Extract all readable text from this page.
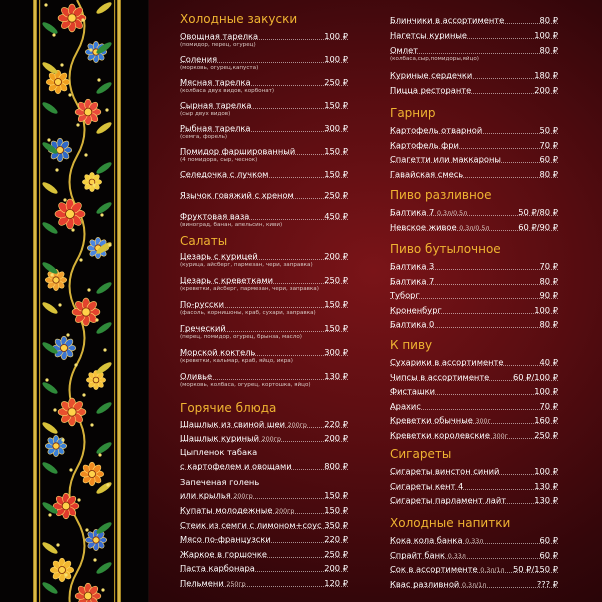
Холодные закуски
Овощная тарелка	100 ₽
(помидор, перец, огурец)
Соления	100 ₽
(морковь, огурец,капуста)
Мясная тарелка	250 ₽
(колбаса двух видов, корбонат)
Сырная тарелка	150 ₽
(сыр двух видов)
Рыбная тарелка	300 ₽
(семга, форель)
Помидор фаршированный	150 ₽
(4 помидора, сыр, чеснок)
Селедочка с лучком	150 ₽
Язычок говяжий с хреном	250 ₽
Фруктовая ваза	450 ₽
(виноград, банан, апельсин, киви)
Салаты
Цезарь с курицей	200 ₽
(курица, айсберг, пармезан, чери, заправка)
Цезарь с креветками	250 ₽
(креветки, айсберг, пармезан, чери, заправка)
По-русски	150 ₽
(фасоль, корнишоны, краб, сухари, заправка)
Греческий	150 ₽
(перец, помидор, огурец, брынза, масло)
Морской коктель	300 ₽
(креветки, кальмар, краб, яйцо, икра)
Оливье	130 ₽
(морковь, колбаса, огурец, кортошка, яйцо)
Горячие блюда
Шашлык из свиной шеи 200гр 220 ₽
Шашлык куриный 200гр	200 ₽
Цыпленок табака
с картофелем и овощами	800 ₽
Запеченая голень
или крылья 200гр	150 ₽
Купаты молодежные 200гр	150 ₽
Стеик из семги с лимоном+соус 350 ₽
Мясо по-французски	220 ₽
Жаркое в горшочке	250 ₽
Паста карбонара	200 ₽
Пельмени 250гр	120 ₽
Блинчики в ассортименте	80 ₽
Нагетсы куриные	100 ₽
Омлет	80 ₽
(колбаса,сыр,помидоры,яйцо)
Куриные сердечки	180 ₽
Пицца ресторанте	200 ₽
Гарнир
Картофель отварной	50 ₽
Картофель фри	70 ₽
Спагетти или маккароны	60 ₽
Гавайская смесь	80 ₽
Пиво разливное
Балтика 7 0.3л/0.5л	50 ₽/80 ₽
Невское живое 0.3л/0.5л	60 ₽/90 ₽
Пиво бутылочное
Балтика 3	70 ₽
Балтика 7	80 ₽
Туборг	90 ₽
Кроненбург	100 ₽
Балтика 0	80 ₽
К пиву
Сухарики в ассортименте	40 ₽
Чипсы в ассортименте	60 ₽/100 ₽
Фисташки	100 ₽
Арахис	70 ₽
Креветки обычные 300г	160 ₽
Креветки королевские 300г	250 ₽
Сигареты
Сигареты винстон синий	100 ₽
Сигареты кент 4	130 ₽
Сигареты парламент лайт	130 ₽
Холодные напитки
Кока кола банка 0.33л	60 ₽
Спрайт банк 0.33л	60 ₽
Сок в ассортименте 0.3л/1л 50 ₽/150 ₽
Квас разливной 0.3л/1л	??? ₽
